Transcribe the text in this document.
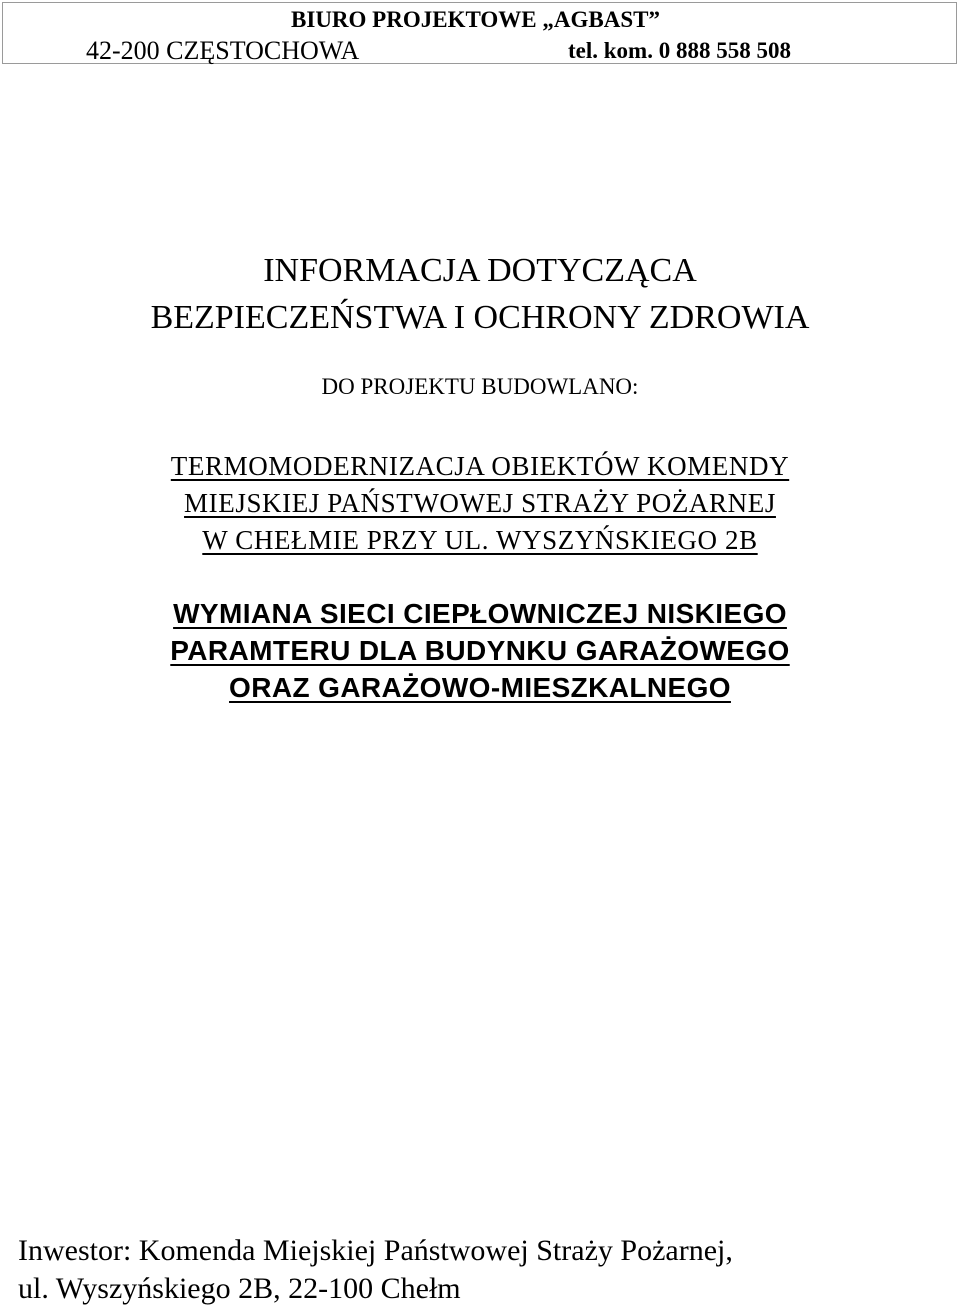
BIURO PROJEKTOWE „AGBAST”
42-200 CZĘSTOCHOWA	tel. kom. 0 888 558 508
INFORMACJA DOTYCZĄCA
BEZPIECZEŃSTWA I OCHRONY ZDROWIA
DO PROJEKTU BUDOWLANO:
TERMOMODERNIZACJA OBIEKTÓW KOMENDY
MIEJSKIEJ PAŃSTWOWEJ STRAŻY POŻARNEJ
W CHEŁMIE PRZY UL. WYSZYŃSKIEGO 2B
WYMIANA SIECI CIEPŁOWNICZEJ NISKIEGO
PARAMTERU DLA BUDYNKU GARAŻOWEGO
ORAZ GARAŻOWO-MIESZKALNEGO
Inwestor: Komenda Miejskiej Państwowej Straży Pożarnej,
ul. Wyszyńskiego 2B, 22-100 Chełm
